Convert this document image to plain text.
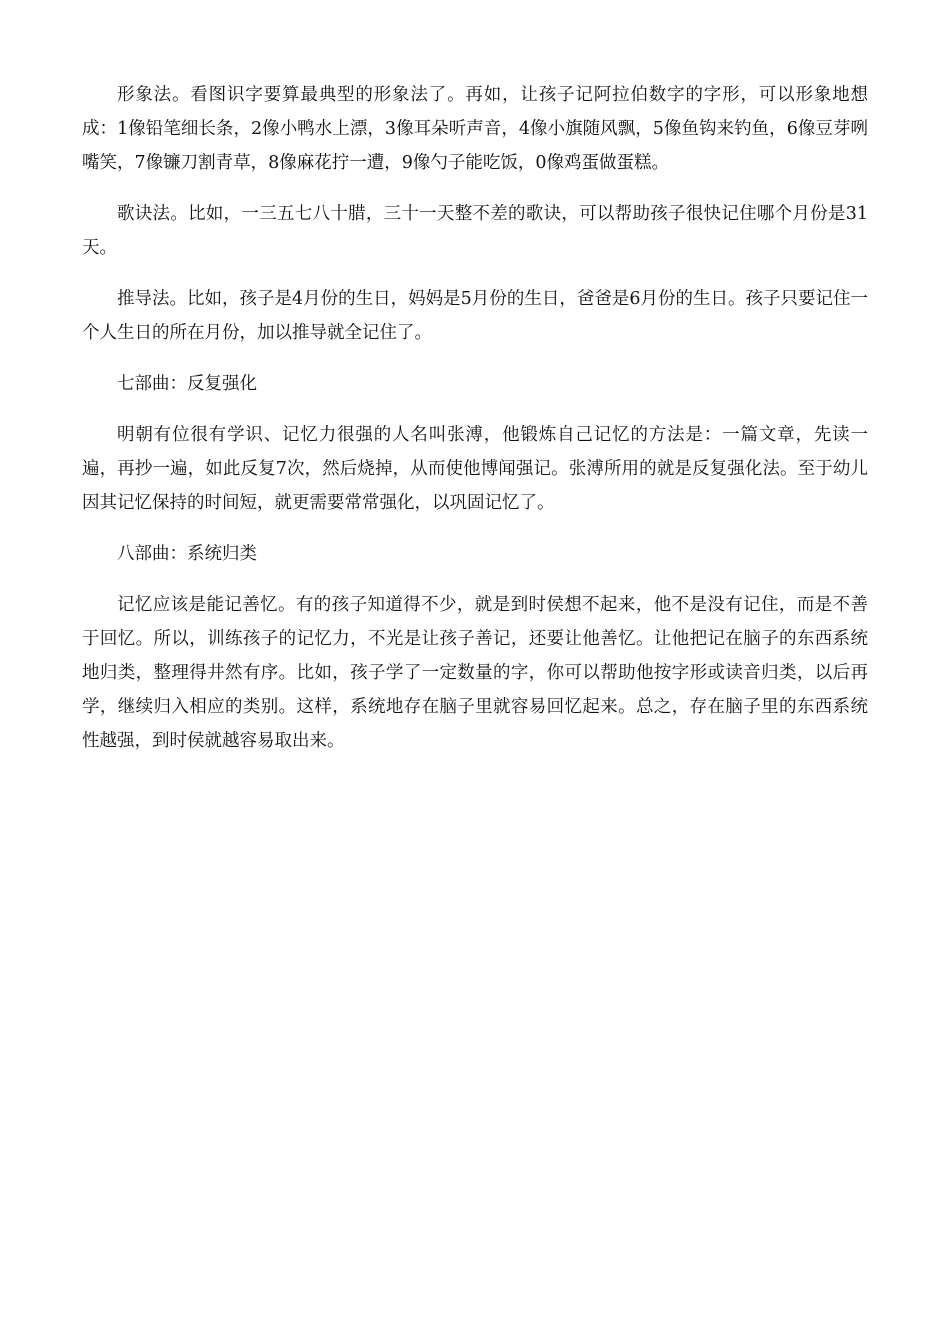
形象法。看图识字要算最典型的形象法了。再如，让孩子记阿拉伯数字的字形，可以形象地想成：1像铅笔细长条，2像小鸭水上漂，3像耳朵听声音，4像小旗随风飘，5像鱼钩来钓鱼，6像豆芽咧嘴笑，7像镰刀割青草，8像麻花拧一遭，9像勺子能吃饭，0像鸡蛋做蛋糕。

歌诀法。比如，一三五七八十腊，三十一天整不差的歌诀，可以帮助孩子很快记住哪个月份是31天。

推导法。比如，孩子是4月份的生日，妈妈是5月份的生日，爸爸是6月份的生日。孩子只要记住一个人生日的所在月份，加以推导就全记住了。

七部曲：反复强化

明朝有位很有学识、记忆力很强的人名叫张溥，他锻炼自己记忆的方法是：一篇文章，先读一遍，再抄一遍，如此反复7次，然后烧掉，从而使他博闻强记。张溥所用的就是反复强化法。至于幼儿因其记忆保持的时间短，就更需要常常强化，以巩固记忆了。

八部曲：系统归类

记忆应该是能记善忆。有的孩子知道得不少，就是到时侯想不起来，他不是没有记住，而是不善于回忆。所以，训练孩子的记忆力，不光是让孩子善记，还要让他善忆。让他把记在脑子的东西系统地归类，整理得井然有序。比如，孩子学了一定数量的字，你可以帮助他按字形或读音归类，以后再学，继续归入相应的类别。这样，系统地存在脑子里就容易回忆起来。总之，存在脑子里的东西系统性越强，到时侯就越容易取出来。
